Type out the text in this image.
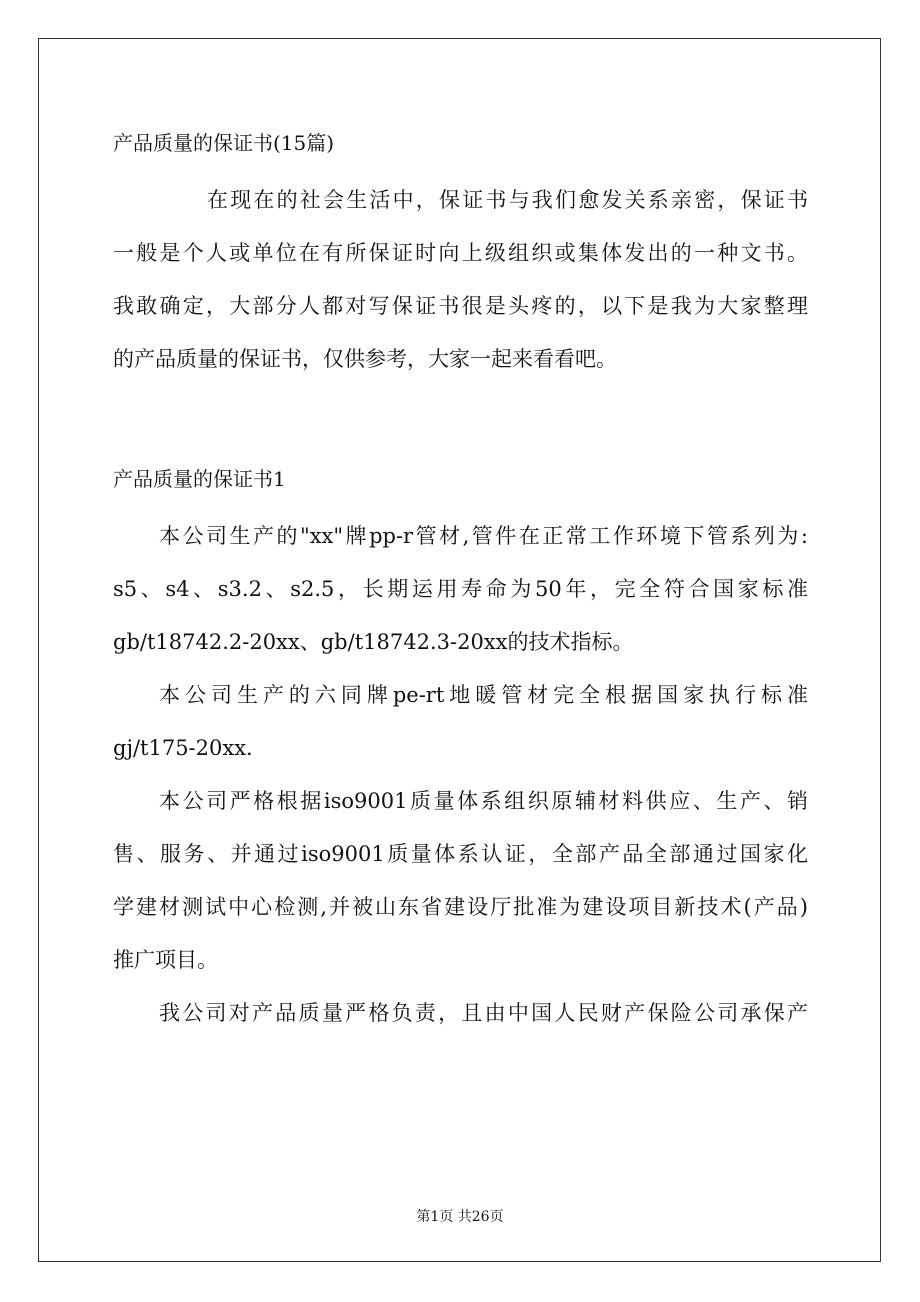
产品质量的保证书(15篇)
在现在的社会生活中，保证书与我们愈发关系亲密，保证书
一般是个人或单位在有所保证时向上级组织或集体发出的一种文书。
我敢确定，大部分人都对写保证书很是头疼的，以下是我为大家整理
的产品质量的保证书，仅供参考，大家一起来看看吧。
产品质量的保证书1
本公司生产的"xx"牌pp-r管材,管件在正常工作环境下管系列为:
s5、s4、s3.2、s2.5，长期运用寿命为50年，完全符合国家标准
gb/t18742.2-20xx、gb/t18742.3-20xx的技术指标。
本公司生产的六同牌pe-rt地暖管材完全根据国家执行标准
gj/t175-20xx.
本公司严格根据iso9001质量体系组织原辅材料供应、生产、销
售、服务、并通过iso9001质量体系认证，全部产品全部通过国家化
学建材测试中心检测,并被山东省建设厅批准为建设项目新技术(产品)
推广项目。
我公司对产品质量严格负责，且由中国人民财产保险公司承保产
第1页 共26页
